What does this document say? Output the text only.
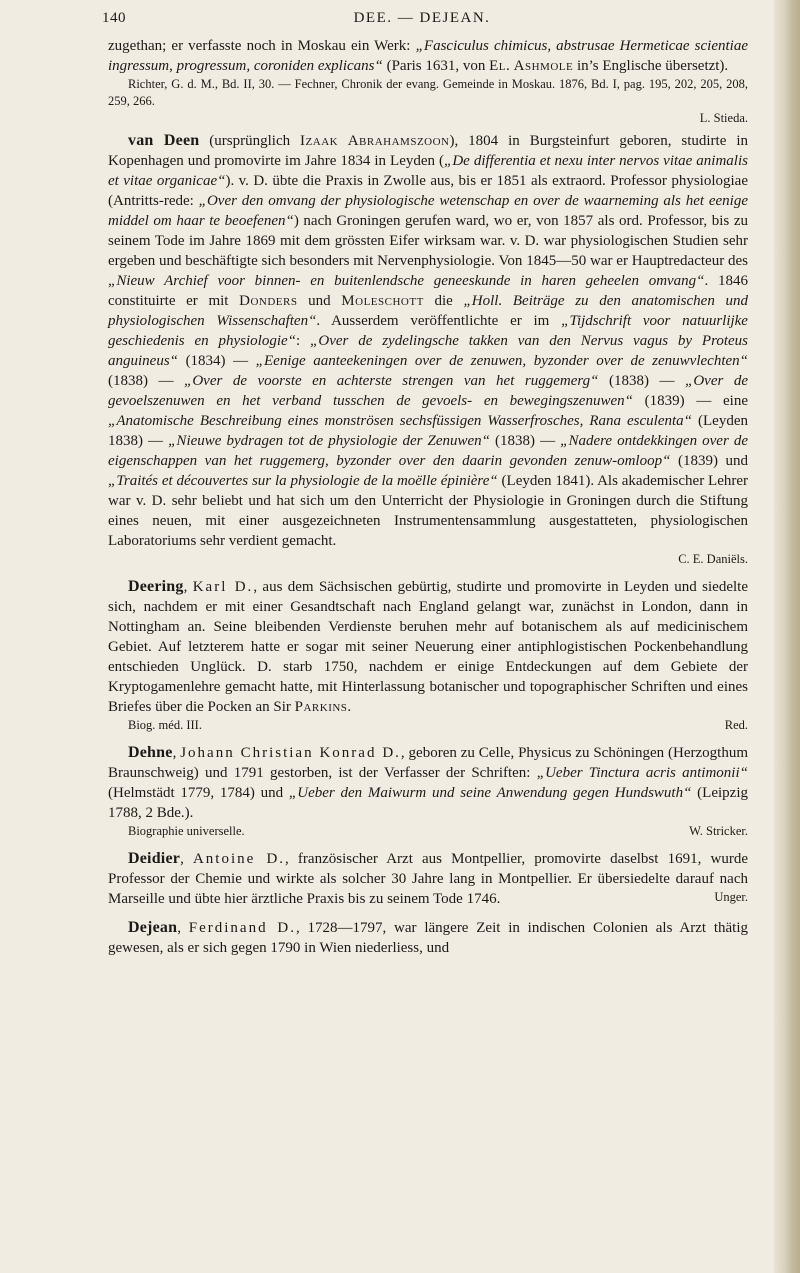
140	DEE. — DEJEAN.

zugethan; er verfasste noch in Moskau ein Werk: „Fasciculus chimicus, abstrusae Hermeticae scientiae ingressum, progressum, coroniden explicans“ (Paris 1631, von El. Ashmole in’s Englische übersetzt).

Richter, G. d. M., Bd. II, 30. — Fechner, Chronik der evang. Gemeinde in Moskau. 1876, Bd. I, pag. 195, 202, 205, 208, 259, 266.
L. Stieda.

van Deen (ursprünglich Izaak Abrahamszoon), 1804 in Burgsteinfurt geboren, studirte in Kopenhagen und promovirte im Jahre 1834 in Leyden („De differentia et nexu inter nervos vitae animalis et vitae organicae“). v. D. übte die Praxis in Zwolle aus, bis er 1851 als extraord. Professor physiologiae (Antritts-rede: „Over den omvang der physiologische wetenschap en over de waarneming als het eenige middel om haar te beoefenen“) nach Groningen gerufen ward, wo er, von 1857 als ord. Professor, bis zu seinem Tode im Jahre 1869 mit dem grössten Eifer wirksam war. v. D. war physiologischen Studien sehr ergeben und beschäftigte sich besonders mit Nervenphysiologie. Von 1845—50 war er Hauptredacteur des „Nieuw Archief voor binnen- en buitenlendsche geneeskunde in haren geheelen omvang“. 1846 constituirte er mit Donders und Moleschott die „Holl. Beiträge zu den anatomischen und physiologischen Wissenschaften“. Ausserdem veröffentlichte er im „Tijdschrift voor natuurlijke geschiedenis en physiologie“: „Over de zydelingsche takken van den Nervus vagus by Proteus anguineus“ (1834) — „Eenige aanteekeningen over de zenuwen, byzonder over de zenuwvlechten“ (1838) — „Over de voorste en achterste strengen van het ruggemerg“ (1838) — „Over de gevoelszenuwen en het verband tusschen de gevoels- en bewegingszenuwen“ (1839) — eine „Anatomische Beschreibung eines monströsen sechsfüssigen Wasserfrosches, Rana esculenta“ (Leyden 1838) — „Nieuwe bydragen tot de physiologie der Zenuwen“ (1838) — „Nadere ontdekkingen over de eigenschappen van het ruggemerg, byzonder over den daarin gevonden zenuw-omloop“ (1839) und „Traités et découvertes sur la physiologie de la moëlle épinière“ (Leyden 1841). Als akademischer Lehrer war v. D. sehr beliebt und hat sich um den Unterricht der Physiologie in Groningen durch die Stiftung eines neuen, mit einer ausgezeichneten Instrumentensammlung ausgestatteten, physiologischen Laboratoriums sehr verdient gemacht.
C. E. Daniëls.

Deering, Karl D., aus dem Sächsischen gebürtig, studirte und promovirte in Leyden und siedelte sich, nachdem er mit einer Gesandtschaft nach England gelangt war, zunächst in London, dann in Nottingham an. Seine bleibenden Verdienste beruhen mehr auf botanischem als auf medicinischem Gebiet. Auf letzterem hatte er sogar mit seiner Neuerung einer antiphlogistischen Pockenbehandlung entschieden Unglück. D. starb 1750, nachdem er einige Entdeckungen auf dem Gebiete der Kryptogamenlehre gemacht hatte, mit Hinterlassung botanischer und topographischer Schriften und eines Briefes über die Pocken an Sir Parkins.

Biog. méd. III.	Red.

Dehne, Johann Christian Konrad D., geboren zu Celle, Physicus zu Schöningen (Herzogthum Braunschweig) und 1791 gestorben, ist der Verfasser der Schriften: „Ueber Tinctura acris antimonii“ (Helmstädt 1779, 1784) und „Ueber den Maiwurm und seine Anwendung gegen Hundswuth“ (Leipzig 1788, 2 Bde.).

Biographie universelle.	W. Stricker.

Deidier, Antoine D., französischer Arzt aus Montpellier, promovirte daselbst 1691, wurde Professor der Chemie und wirkte als solcher 30 Jahre lang in Montpellier. Er übersiedelte darauf nach Marseille und übte hier ärztliche Praxis bis zu seinem Tode 1746.	Unger.

Dejean, Ferdinand D., 1728—1797, war längere Zeit in indischen Colonien als Arzt thätig gewesen, als er sich gegen 1790 in Wien niederliess, und
